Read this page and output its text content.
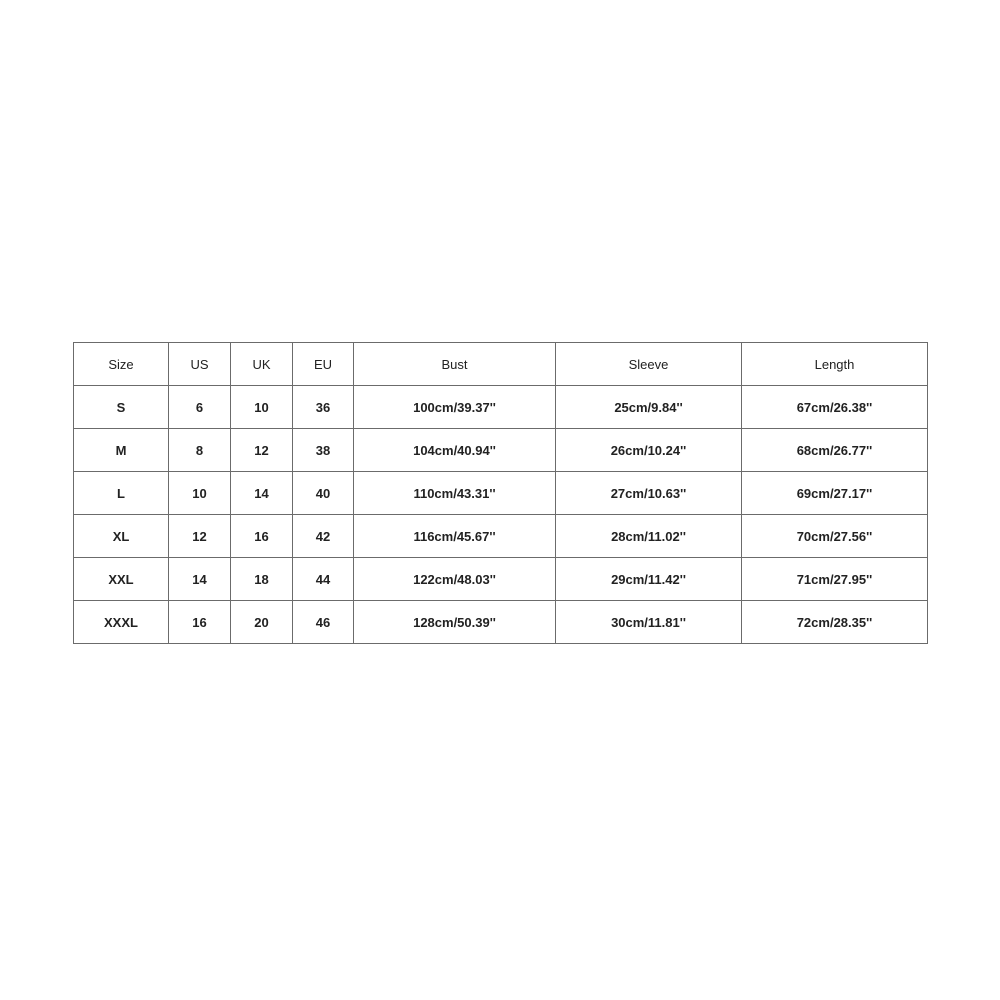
Size	US	UK	EU	Bust	Sleeve	Length
S	6	10	36	100cm/39.37''	25cm/9.84''	67cm/26.38''
M	8	12	38	104cm/40.94''	26cm/10.24''	68cm/26.77''
L	10	14	40	110cm/43.31''	27cm/10.63''	69cm/27.17''
XL	12	16	42	116cm/45.67''	28cm/11.02''	70cm/27.56''
XXL	14	18	44	122cm/48.03''	29cm/11.42''	71cm/27.95''
XXXL	16	20	46	128cm/50.39''	30cm/11.81''	72cm/28.35''
